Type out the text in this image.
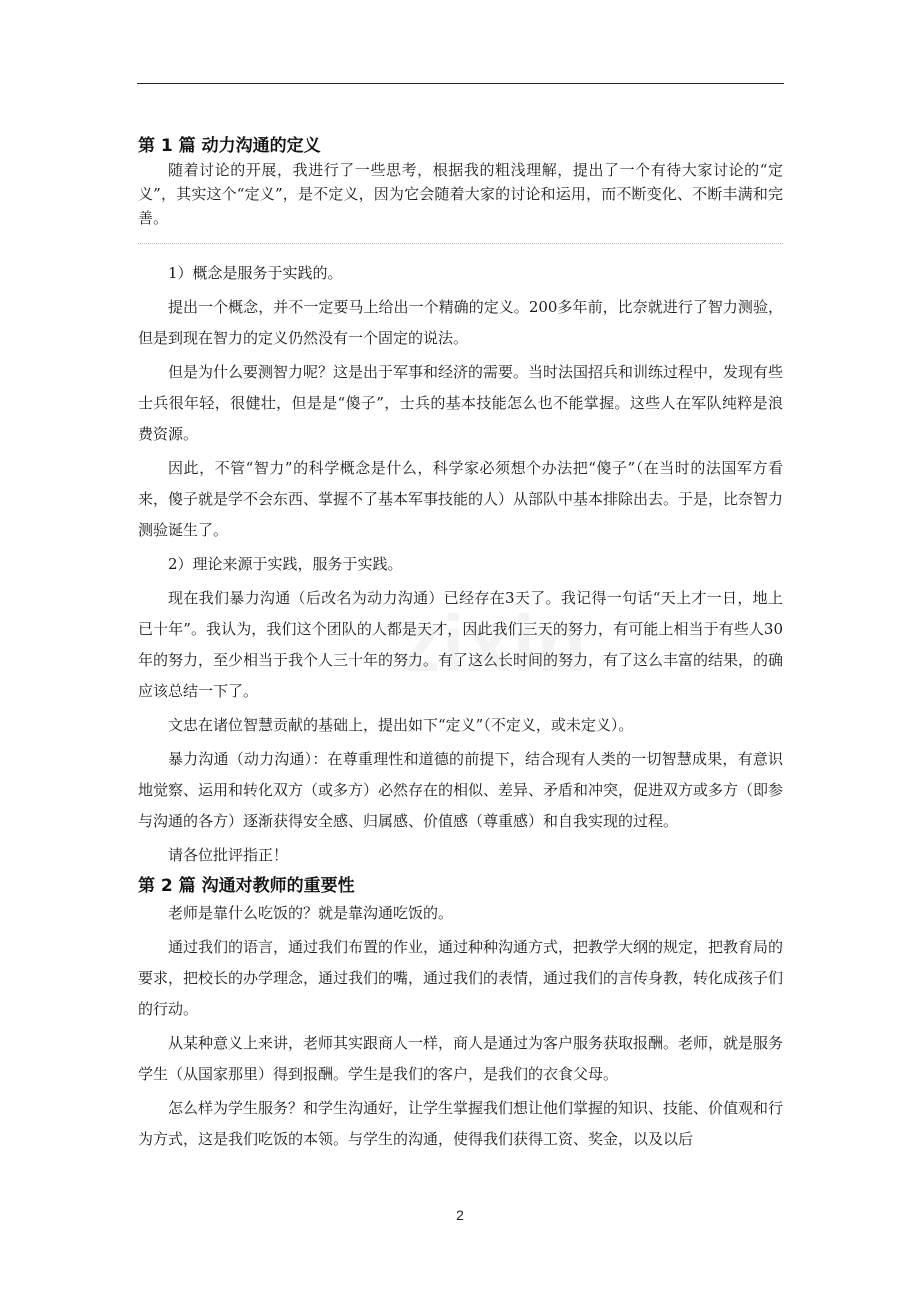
zixin
第 1 篇 动力沟通的定义

随着讨论的开展，我进行了一些思考，根据我的粗浅理解，提出了一个有待大家讨论的“定义”，其实这个“定义”，是不定义，因为它会随着大家的讨论和运用，而不断变化、不断丰满和完善。

1）概念是服务于实践的。

提出一个概念，并不一定要马上给出一个精确的定义。200多年前，比奈就进行了智力测验，但是到现在智力的定义仍然没有一个固定的说法。

但是为什么要测智力呢？这是出于军事和经济的需要。当时法国招兵和训练过程中，发现有些士兵很年轻，很健壮，但是是“傻子”，士兵的基本技能怎么也不能掌握。这些人在军队纯粹是浪费资源。

因此，不管“智力”的科学概念是什么，科学家必须想个办法把“傻子”（在当时的法国军方看来，傻子就是学不会东西、掌握不了基本军事技能的人）从部队中基本排除出去。于是，比奈智力测验诞生了。

2）理论来源于实践，服务于实践。

现在我们暴力沟通（后改名为动力沟通）已经存在3天了。我记得一句话“天上才一日，地上已十年”。我认为，我们这个团队的人都是天才，因此我们三天的努力，有可能上相当于有些人30年的努力，至少相当于我个人三十年的努力。有了这么长时间的努力，有了这么丰富的结果，的确应该总结一下了。

文忠在诸位智慧贡献的基础上，提出如下“定义”（不定义，或未定义）。

暴力沟通（动力沟通）：在尊重理性和道德的前提下，结合现有人类的一切智慧成果，有意识地觉察、运用和转化双方（或多方）必然存在的相似、差异、矛盾和冲突，促进双方或多方（即参与沟通的各方）逐渐获得安全感、归属感、价值感（尊重感）和自我实现的过程。

请各位批评指正！

第 2 篇 沟通对教师的重要性

老师是靠什么吃饭的？就是靠沟通吃饭的。

通过我们的语言，通过我们布置的作业，通过种种沟通方式，把教学大纲的规定，把教育局的要求，把校长的办学理念，通过我们的嘴，通过我们的表情，通过我们的言传身教，转化成孩子们的行动。

从某种意义上来讲，老师其实跟商人一样，商人是通过为客户服务获取报酬。老师，就是服务学生（从国家那里）得到报酬。学生是我们的客户，是我们的衣食父母。

怎么样为学生服务？和学生沟通好，让学生掌握我们想让他们掌握的知识、技能、价值观和行为方式，这是我们吃饭的本领。与学生的沟通，使得我们获得工资、奖金，以及以后

2
